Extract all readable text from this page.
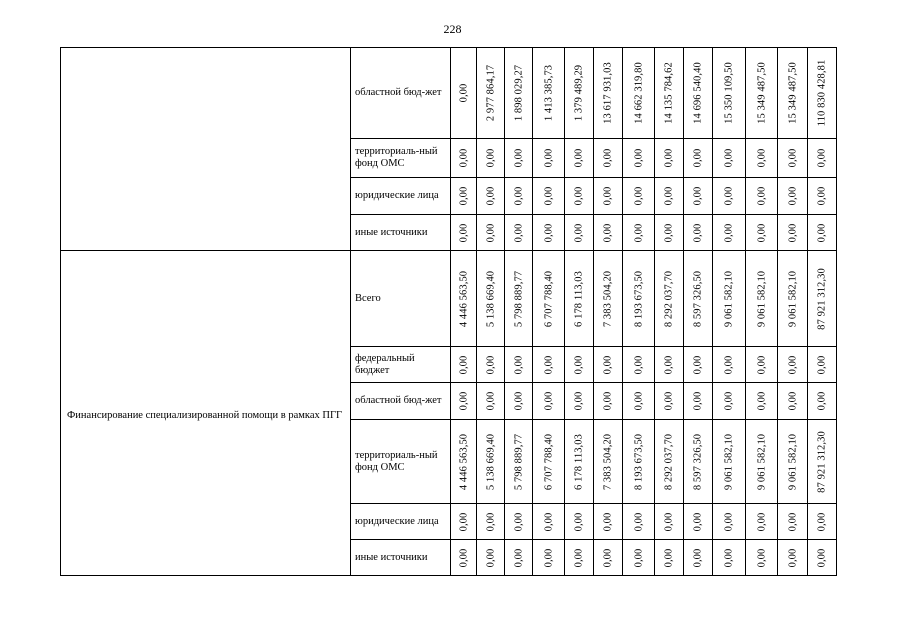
228
	областной бюд-жет	0,00	2 977 864,17	1 898 029,27	1 413 385,73	1 379 489,29	13 617 931,03	14 662 319,80	14 135 784,62	14 696 540,40	15 350 109,50	15 349 487,50	15 349 487,50	110 830 428,81

	территориаль-ный фонд ОМС	0,00	0,00	0,00	0,00	0,00	0,00	0,00	0,00	0,00	0,00	0,00	0,00	0,00

	юридические лица	0,00	0,00	0,00	0,00	0,00	0,00	0,00	0,00	0,00	0,00	0,00	0,00	0,00

	иные источники	0,00	0,00	0,00	0,00	0,00	0,00	0,00	0,00	0,00	0,00	0,00	0,00	0,00

Финансирование специализированной помощи в рамках ПГГ	Всего	4 446 563,50	5 138 669,40	5 798 889,77	6 707 788,40	6 178 113,03	7 383 504,20	8 193 673,50	8 292 037,70	8 597 326,50	9 061 582,10	9 061 582,10	9 061 582,10	87 921 312,30

	федеральный бюджет	0,00	0,00	0,00	0,00	0,00	0,00	0,00	0,00	0,00	0,00	0,00	0,00	0,00

	областной бюд-жет	0,00	0,00	0,00	0,00	0,00	0,00	0,00	0,00	0,00	0,00	0,00	0,00	0,00

	территориаль-ный фонд ОМС	4 446 563,50	5 138 669,40	5 798 889,77	6 707 788,40	6 178 113,03	7 383 504,20	8 193 673,50	8 292 037,70	8 597 326,50	9 061 582,10	9 061 582,10	9 061 582,10	87 921 312,30

	юридические лица	0,00	0,00	0,00	0,00	0,00	0,00	0,00	0,00	0,00	0,00	0,00	0,00	0,00

	иные источники	0,00	0,00	0,00	0,00	0,00	0,00	0,00	0,00	0,00	0,00	0,00	0,00	0,00
